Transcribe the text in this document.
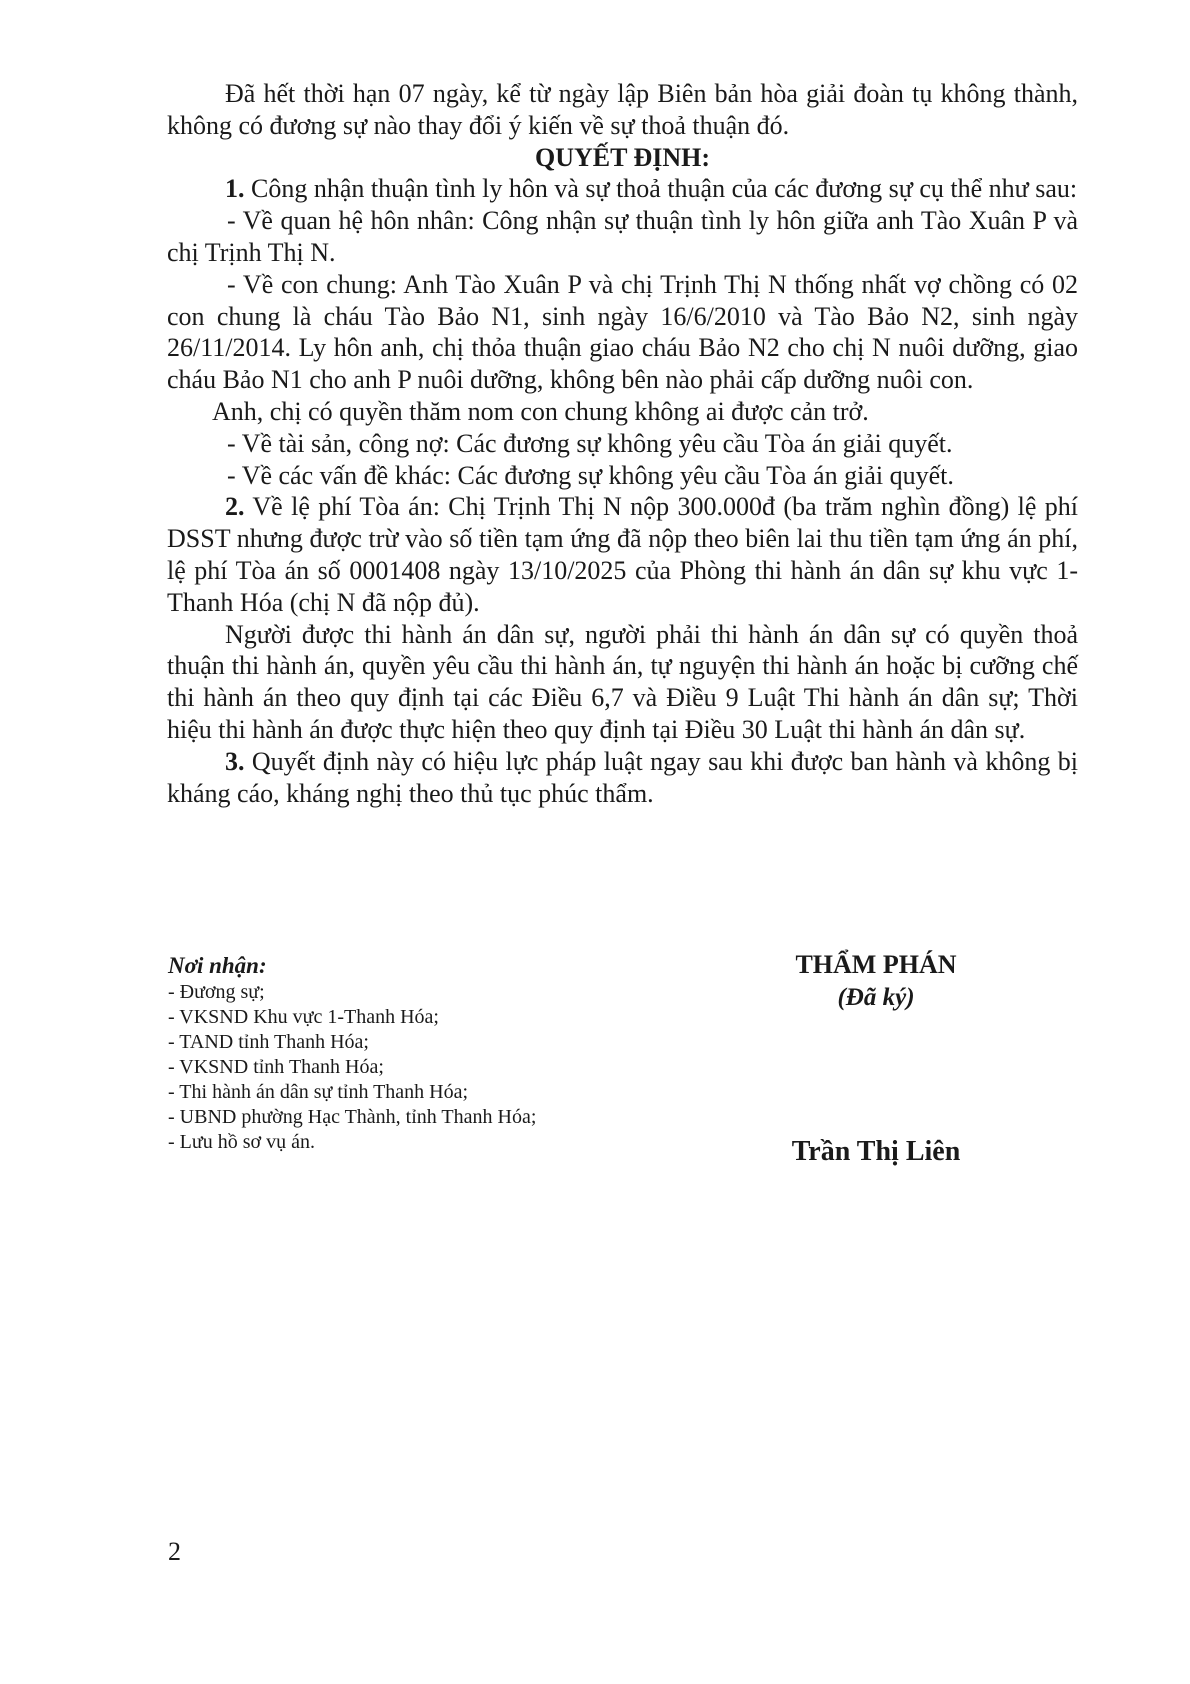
Đã hết thời hạn 07 ngày, kể từ ngày lập Biên bản hòa giải đoàn tụ không thành, không có đương sự nào thay đổi ý kiến về sự thoả thuận đó.

QUYẾT ĐỊNH:

1. Công nhận thuận tình ly hôn và sự thoả thuận của các đương sự cụ thể như sau:

- Về quan hệ hôn nhân: Công nhận sự thuận tình ly hôn giữa anh Tào Xuân P và chị Trịnh Thị N.

- Về con chung: Anh Tào Xuân P và chị Trịnh Thị N thống nhất vợ chồng có 02 con chung là cháu Tào Bảo N1, sinh ngày 16/6/2010 và Tào Bảo N2, sinh ngày 26/11/2014. Ly hôn anh, chị thỏa thuận giao cháu Bảo N2 cho chị N nuôi dưỡng, giao cháu Bảo N1 cho anh P nuôi dưỡng, không bên nào phải cấp dưỡng nuôi con.

Anh, chị có quyền thăm nom con chung không ai được cản trở.

- Về tài sản, công nợ: Các đương sự không yêu cầu Tòa án giải quyết.

- Về các vấn đề khác: Các đương sự không yêu cầu Tòa án giải quyết.

2. Về lệ phí Tòa án: Chị Trịnh Thị N nộp 300.000đ (ba trăm nghìn đồng) lệ phí DSST nhưng được trừ vào số tiền tạm ứng đã nộp theo biên lai thu tiền tạm ứng án phí, lệ phí Tòa án số 0001408 ngày 13/10/2025 của Phòng thi hành án dân sự khu vực 1- Thanh Hóa (chị N đã nộp đủ).

Người được thi hành án dân sự, người phải thi hành án dân sự có quyền thoả thuận thi hành án, quyền yêu cầu thi hành án, tự nguyện thi hành án hoặc bị cưỡng chế thi hành án theo quy định tại các Điều 6,7 và Điều 9 Luật Thi hành án dân sự; Thời hiệu thi hành án được thực hiện theo quy định tại Điều 30 Luật thi hành án dân sự.

3. Quyết định này có hiệu lực pháp luật ngay sau khi được ban hành và không bị kháng cáo, kháng nghị theo thủ tục phúc thẩm.

Nơi nhận:
- Đương sự;
- VKSND Khu vực 1-Thanh Hóa;
- TAND tỉnh Thanh Hóa;
- VKSND tỉnh Thanh Hóa;
- Thi hành án dân sự tỉnh Thanh Hóa;
- UBND phường Hạc Thành, tỉnh Thanh Hóa;
- Lưu hồ sơ vụ án.
THẨM PHÁN
(Đã ký)
Trần Thị Liên
2
